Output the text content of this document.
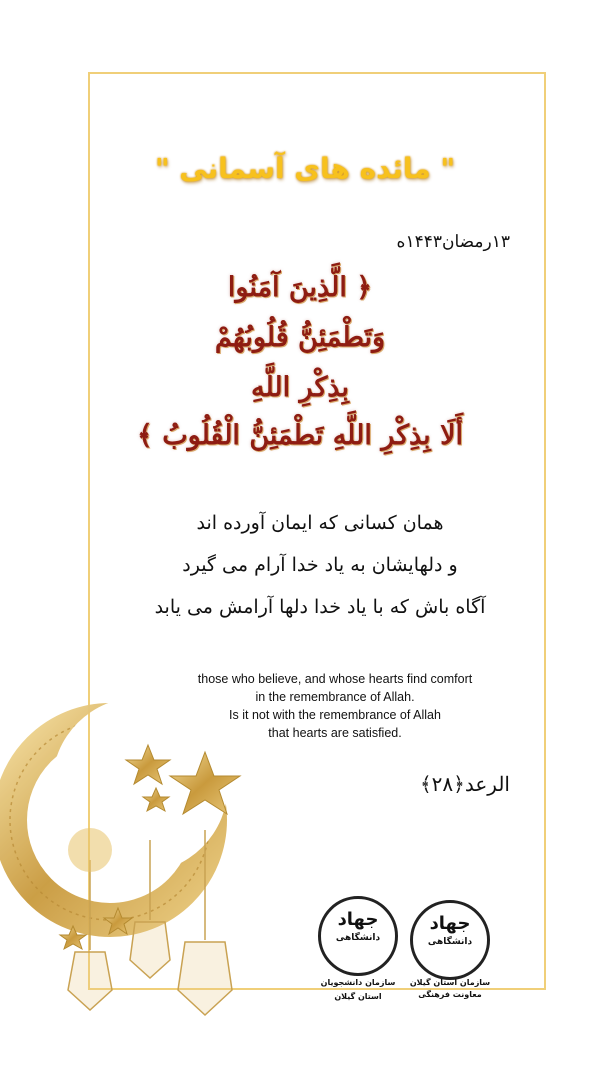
" مائده های آسمانی "
۱۳رمضان۱۴۴۳ه
﴿ الَّذِینَ آمَنُوا
وَتَطْمَئِنُّ قُلُوبُهُمْ
بِذِکْرِ اللَّهِ
أَلَا بِذِکْرِ اللَّهِ تَطْمَئِنُّ الْقُلُوبُ ﴾
همان کسانی که ایمان آورده اند
و دلهایشان به یاد خدا آرام می گیرد
آگاه باش که با یاد خدا دلها آرامش می یابد
those who believe, and whose hearts find comfort
in the remembrance of Allah.
Is it not with the remembrance of Allah
that hearts are satisfied.
الرعد﴿۲۸﴾
جهاد
دانشگاهی
سازمان دانشجویان
استان گیلان
جهاد
دانشگاهی
سازمان استان گیلان
معاونت فرهنگی
